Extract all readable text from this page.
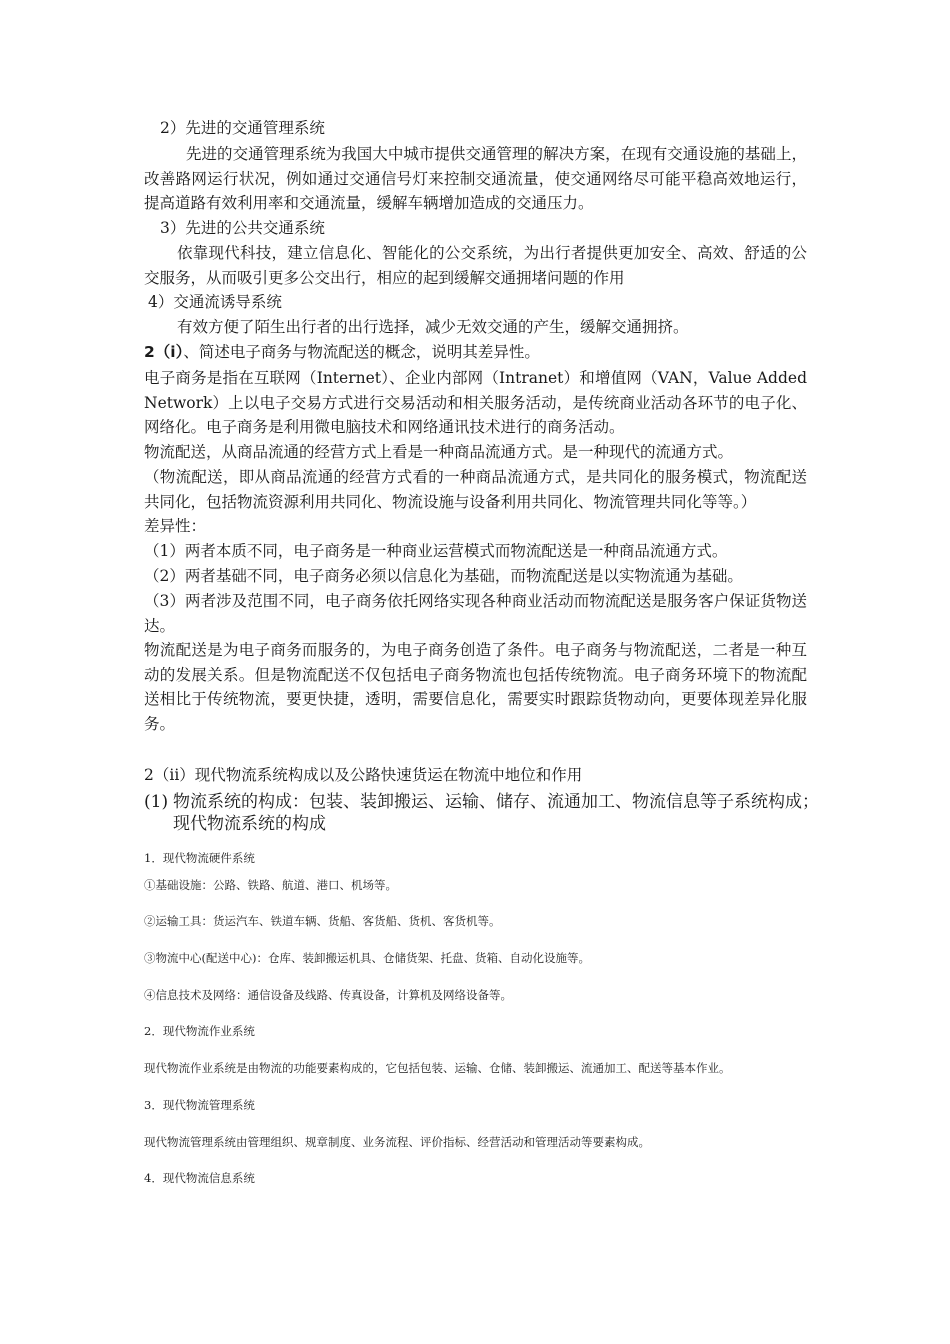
2）先进的交通管理系统
先进的交通管理系统为我国大中城市提供交通管理的解决方案，在现有交通设施的基础上，改善路网运行状况，例如通过交通信号灯来控制交通流量，使交通网络尽可能平稳高效地运行，提高道路有效利用率和交通流量，缓解车辆增加造成的交通压力。
3）先进的公共交通系统
依靠现代科技，建立信息化、智能化的公交系统，为出行者提供更加安全、高效、舒适的公交服务，从而吸引更多公交出行，相应的起到缓解交通拥堵问题的作用
4）交通流诱导系统
有效方便了陌生出行者的出行选择，减少无效交通的产生，缓解交通拥挤。
2（i）、简述电子商务与物流配送的概念，说明其差异性。
电子商务是指在互联网（Internet）、企业内部网（Intranet）和增值网（VAN，Value Added Network）上以电子交易方式进行交易活动和相关服务活动，是传统商业活动各环节的电子化、网络化。电子商务是利用微电脑技术和网络通讯技术进行的商务活动。
物流配送，从商品流通的经营方式上看是一种商品流通方式。是一种现代的流通方式。
（物流配送，即从商品流通的经营方式看的一种商品流通方式，是共同化的服务模式，物流配送共同化，包括物流资源利用共同化、物流设施与设备利用共同化、物流管理共同化等等。）
差异性：
（1）两者本质不同，电子商务是一种商业运营模式而物流配送是一种商品流通方式。
（2）两者基础不同，电子商务必须以信息化为基础，而物流配送是以实物流通为基础。
（3）两者涉及范围不同，电子商务依托网络实现各种商业活动而物流配送是服务客户保证货物送达。
物流配送是为电子商务而服务的，为电子商务创造了条件。电子商务与物流配送，二者是一种互动的发展关系。但是物流配送不仅包括电子商务物流也包括传统物流。电子商务环境下的物流配送相比于传统物流，要更快捷，透明，需要信息化，需要实时跟踪货物动向，更要体现差异化服务。
2（ii）现代物流系统构成以及公路快速货运在物流中地位和作用
(1) 物流系统的构成：包装、装卸搬运、运输、储存、流通加工、物流信息等子系统构成；
现代物流系统的构成
1．现代物流硬件系统
①基础设施：公路、铁路、航道、港口、机场等。
②运输工具：货运汽车、铁道车辆、货船、客货船、货机、客货机等。
③物流中心(配送中心)：仓库、装卸搬运机具、仓储货架、托盘、货箱、自动化设施等。
④信息技术及网络：通信设备及线路、传真设备，计算机及网络设备等。
2．现代物流作业系统
现代物流作业系统是由物流的功能要素构成的，它包括包装、运输、仓储、装卸搬运、流通加工、配送等基本作业。
3．现代物流管理系统
现代物流管理系统由管理组织、规章制度、业务流程、评价指标、经营活动和管理活动等要素构成。
4．现代物流信息系统
